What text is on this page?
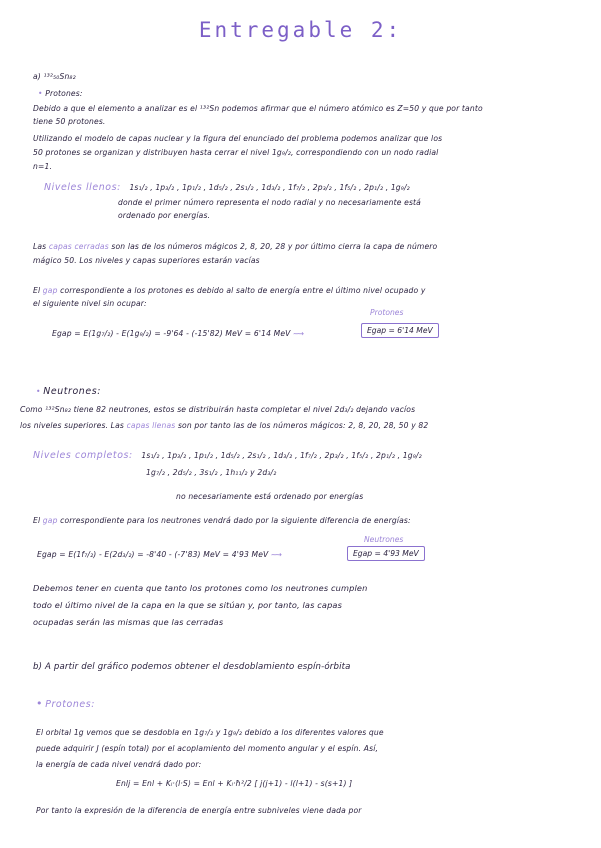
Entregable 2:
a) ¹³²₅₀Sn₈₂
• Protones:
Debido a que el elemento a analizar es el ¹³²Sn podemos afirmar que el número atómico es Z=50 y que por tanto
tiene 50 protones.
Utilizando el modelo de capas nuclear y la figura del enunciado del problema podemos analizar que los
50 protones se organizan y distribuyen hasta cerrar el nivel 1g₉/₂, correspondiendo con un nodo radial
n=1.
Niveles llenos: 1s₁/₂ , 1p₃/₂ , 1p₁/₂ , 1d₅/₂ , 2s₁/₂ , 1d₃/₂ , 1f₇/₂ , 2p₃/₂ , 1f₅/₂ , 2p₁/₂ , 1g₉/₂
donde el primer número representa el nodo radial y no necesariamente está
ordenado por energías.
Las capas cerradas son las de los números mágicos 2, 8, 20, 28 y por último cierra la capa de número
mágico 50. Los niveles y capas superiores estarán vacías
El gap correspondiente a los protones es debido al salto de energía entre el último nivel ocupado y
el siguiente nivel sin ocupar:
Protones
Egap = E(1g₇/₂) - E(1g₉/₂) = -9'64 - (-15'82) MeV = 6'14 MeV ⟿	Egap = 6'14 MeV
• Neutrones:
Como ¹³²Sn₈₂ tiene 82 neutrones, estos se distribuirán hasta completar el nivel 2d₃/₂ dejando vacíos
los niveles superiores. Las capas llenas son por tanto las de los números mágicos: 2, 8, 20, 28, 50 y 82
Niveles completos: 1s₁/₂ , 1p₃/₂ , 1p₁/₂ , 1d₅/₂ , 2s₁/₂ , 1d₃/₂ , 1f₇/₂ , 2p₃/₂ , 1f₅/₂ , 2p₁/₂ , 1g₉/₂
1g₇/₂ , 2d₅/₂ , 3s₁/₂ , 1h₁₁/₂ y 2d₃/₂
no necesariamente está ordenado por energías
El gap correspondiente para los neutrones vendrá dado por la siguiente diferencia de energías:
Neutrones
Egap = E(1f₇/₂) - E(2d₃/₂) = -8'40 - (-7'83) MeV = 4'93 MeV ⟿	Egap = 4'93 MeV
Debemos tener en cuenta que tanto los protones como los neutrones cumplen
todo el último nivel de la capa en la que se sitúan y, por tanto, las capas
ocupadas serán las mismas que las cerradas
b) A partir del gráfico podemos obtener el desdoblamiento espín-órbita
• Protones:
El orbital 1g vemos que se desdobla en 1g₇/₂ y 1g₉/₂ debido a los diferentes valores que
puede adquirir J (espín total) por el acoplamiento del momento angular y el espín. Así,
la energía de cada nivel vendrá dado por:
Enlj = Enl + Kₗ·⟨l·S⟩ = Enl + Kₗ·ħ²/2 [ j(j+1) - l(l+1) - s(s+1) ]
Por tanto la expresión de la diferencia de energía entre subniveles viene dada por
